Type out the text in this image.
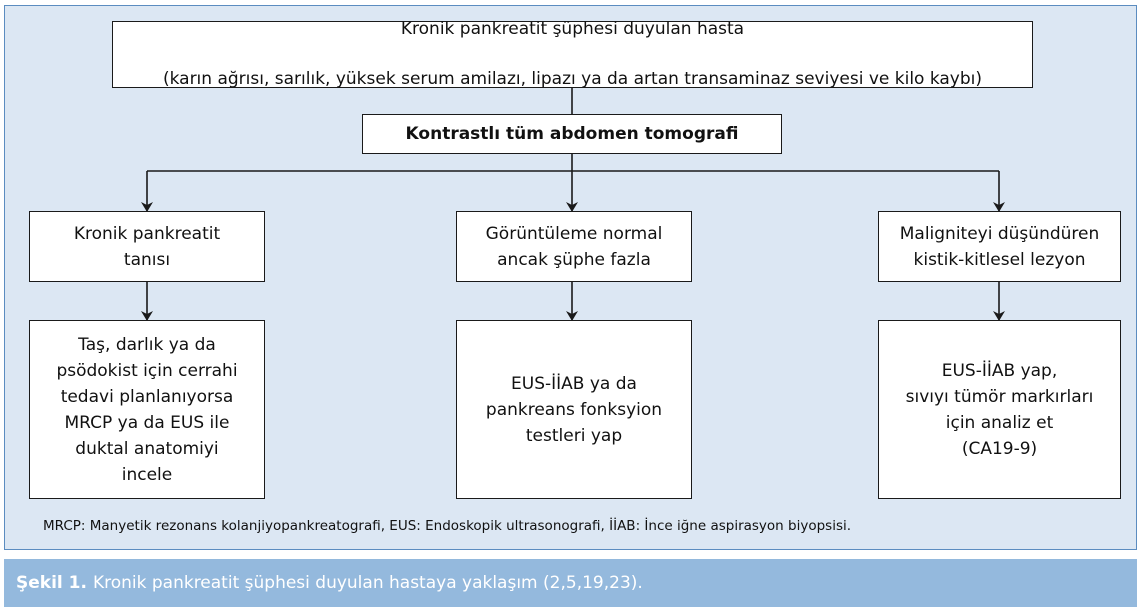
Kronik pankreatit şüphesi duyulan hasta

(karın ağrısı, sarılık, yüksek serum amilazı, lipazı ya da artan transaminaz seviyesi ve kilo kaybı)

Kontrastlı tüm abdomen tomografi
Kronik pankreatit
tanısı
Görüntüleme normal
ancak şüphe fazla
Maligniteyi düşündüren
kistik-kitlesel lezyon
Taş, darlık ya da
psödokist için cerrahi
tedavi planlanıyorsa
MRCP ya da EUS ile
duktal anatomiyi
incele
EUS-İİAB ya da
pankreans fonksyion
testleri yap
EUS-İİAB yap,
sıvıyı tümör markırları
için analiz et
(CA19-9)
MRCP: Manyetik rezonans kolanjiyopankreatografi, EUS: Endoskopik ultrasonografi, İİAB: İnce iğne aspirasyon biyopsisi.
Şekil 1. Kronik pankreatit şüphesi duyulan hastaya yaklaşım (2,5,19,23).
